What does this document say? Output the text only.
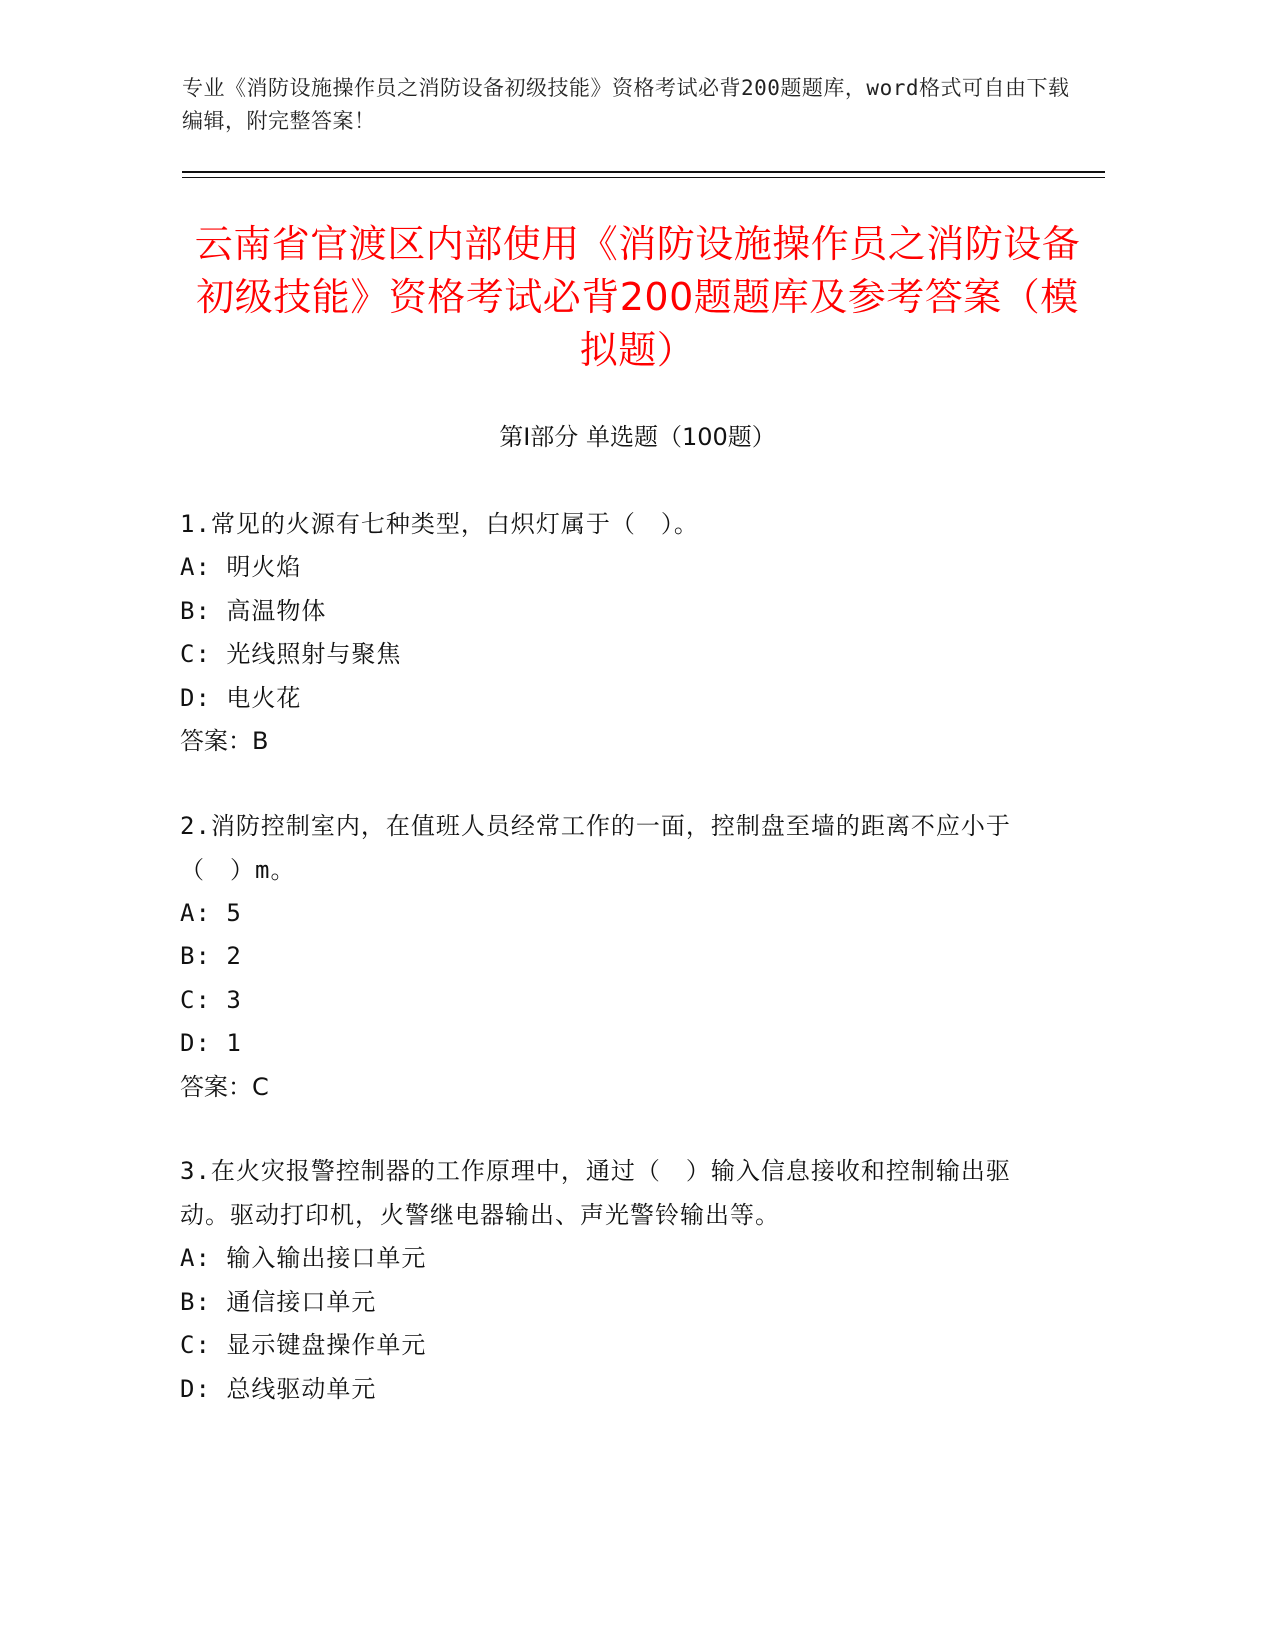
专业《消防设施操作员之消防设备初级技能》资格考试必背200题题库，word格式可自由下载编辑，附完整答案！
云南省官渡区内部使用《消防设施操作员之消防设备初级技能》资格考试必背200题题库及参考答案（模拟题）
第I部分 单选题（100题）
1.常见的火源有七种类型，白炽灯属于（　）。
A: 明火焰
B: 高温物体
C: 光线照射与聚焦
D: 电火花
答案：B
2.消防控制室内，在值班人员经常工作的一面，控制盘至墙的距离不应小于（　）m。
A: 5
B: 2
C: 3
D: 1
答案：C
3.在火灾报警控制器的工作原理中，通过（　）输入信息接收和控制输出驱动。驱动打印机，火警继电器输出、声光警铃输出等。
A: 输入输出接口单元
B: 通信接口单元
C: 显示键盘操作单元
D: 总线驱动单元
